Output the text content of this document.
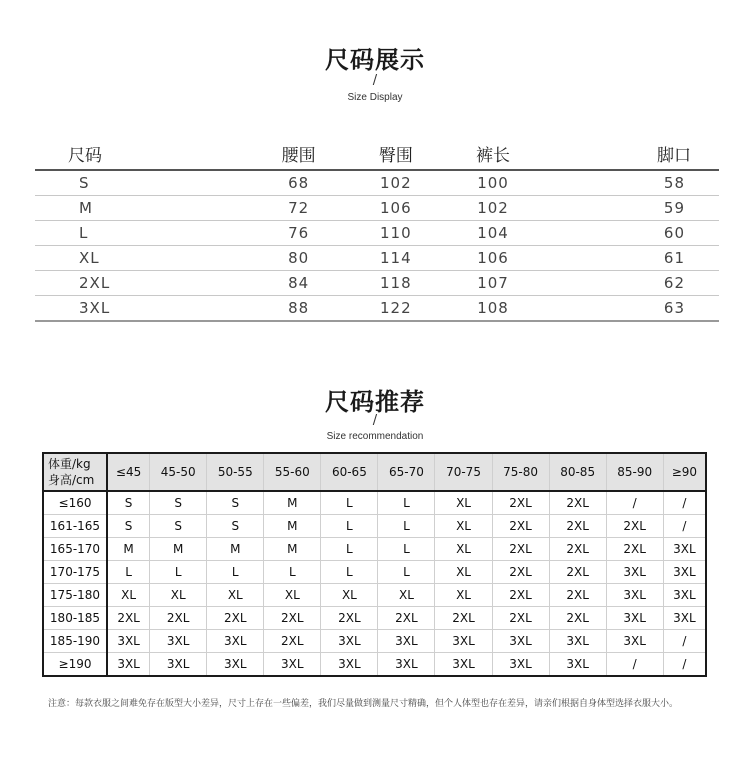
尺码展示
/
Size Display
尺码	腰围	臀围	裤长	脚口
S	68	102	100	58
M	72	106	102	59
L	76	110	104	60
XL	80	114	106	61
2XL	84	118	107	62
3XL	88	122	108	63
尺码推荐
/
Size recommendation
体重/kg
身高/cm	≤45	45-50	50-55	55-60	60-65	65-70	70-75	75-80	80-85	85-90	≥90
≤160	S	S	S	M	L	L	XL	2XL	2XL	/	/
161-165	S	S	S	M	L	L	XL	2XL	2XL	2XL	/
165-170	M	M	M	M	L	L	XL	2XL	2XL	2XL	3XL
170-175	L	L	L	L	L	L	XL	2XL	2XL	3XL	3XL
175-180	XL	XL	XL	XL	XL	XL	XL	2XL	2XL	3XL	3XL
180-185	2XL	2XL	2XL	2XL	2XL	2XL	2XL	2XL	2XL	3XL	3XL
185-190	3XL	3XL	3XL	2XL	3XL	3XL	3XL	3XL	3XL	3XL	/
≥190	3XL	3XL	3XL	3XL	3XL	3XL	3XL	3XL	3XL	/	/
注意：每款衣服之间难免存在版型大小差异，尺寸上存在一些偏差，我们尽量做到测量尺寸精确，但个人体型也存在差异，请亲们根据自身体型选择衣服大小。
